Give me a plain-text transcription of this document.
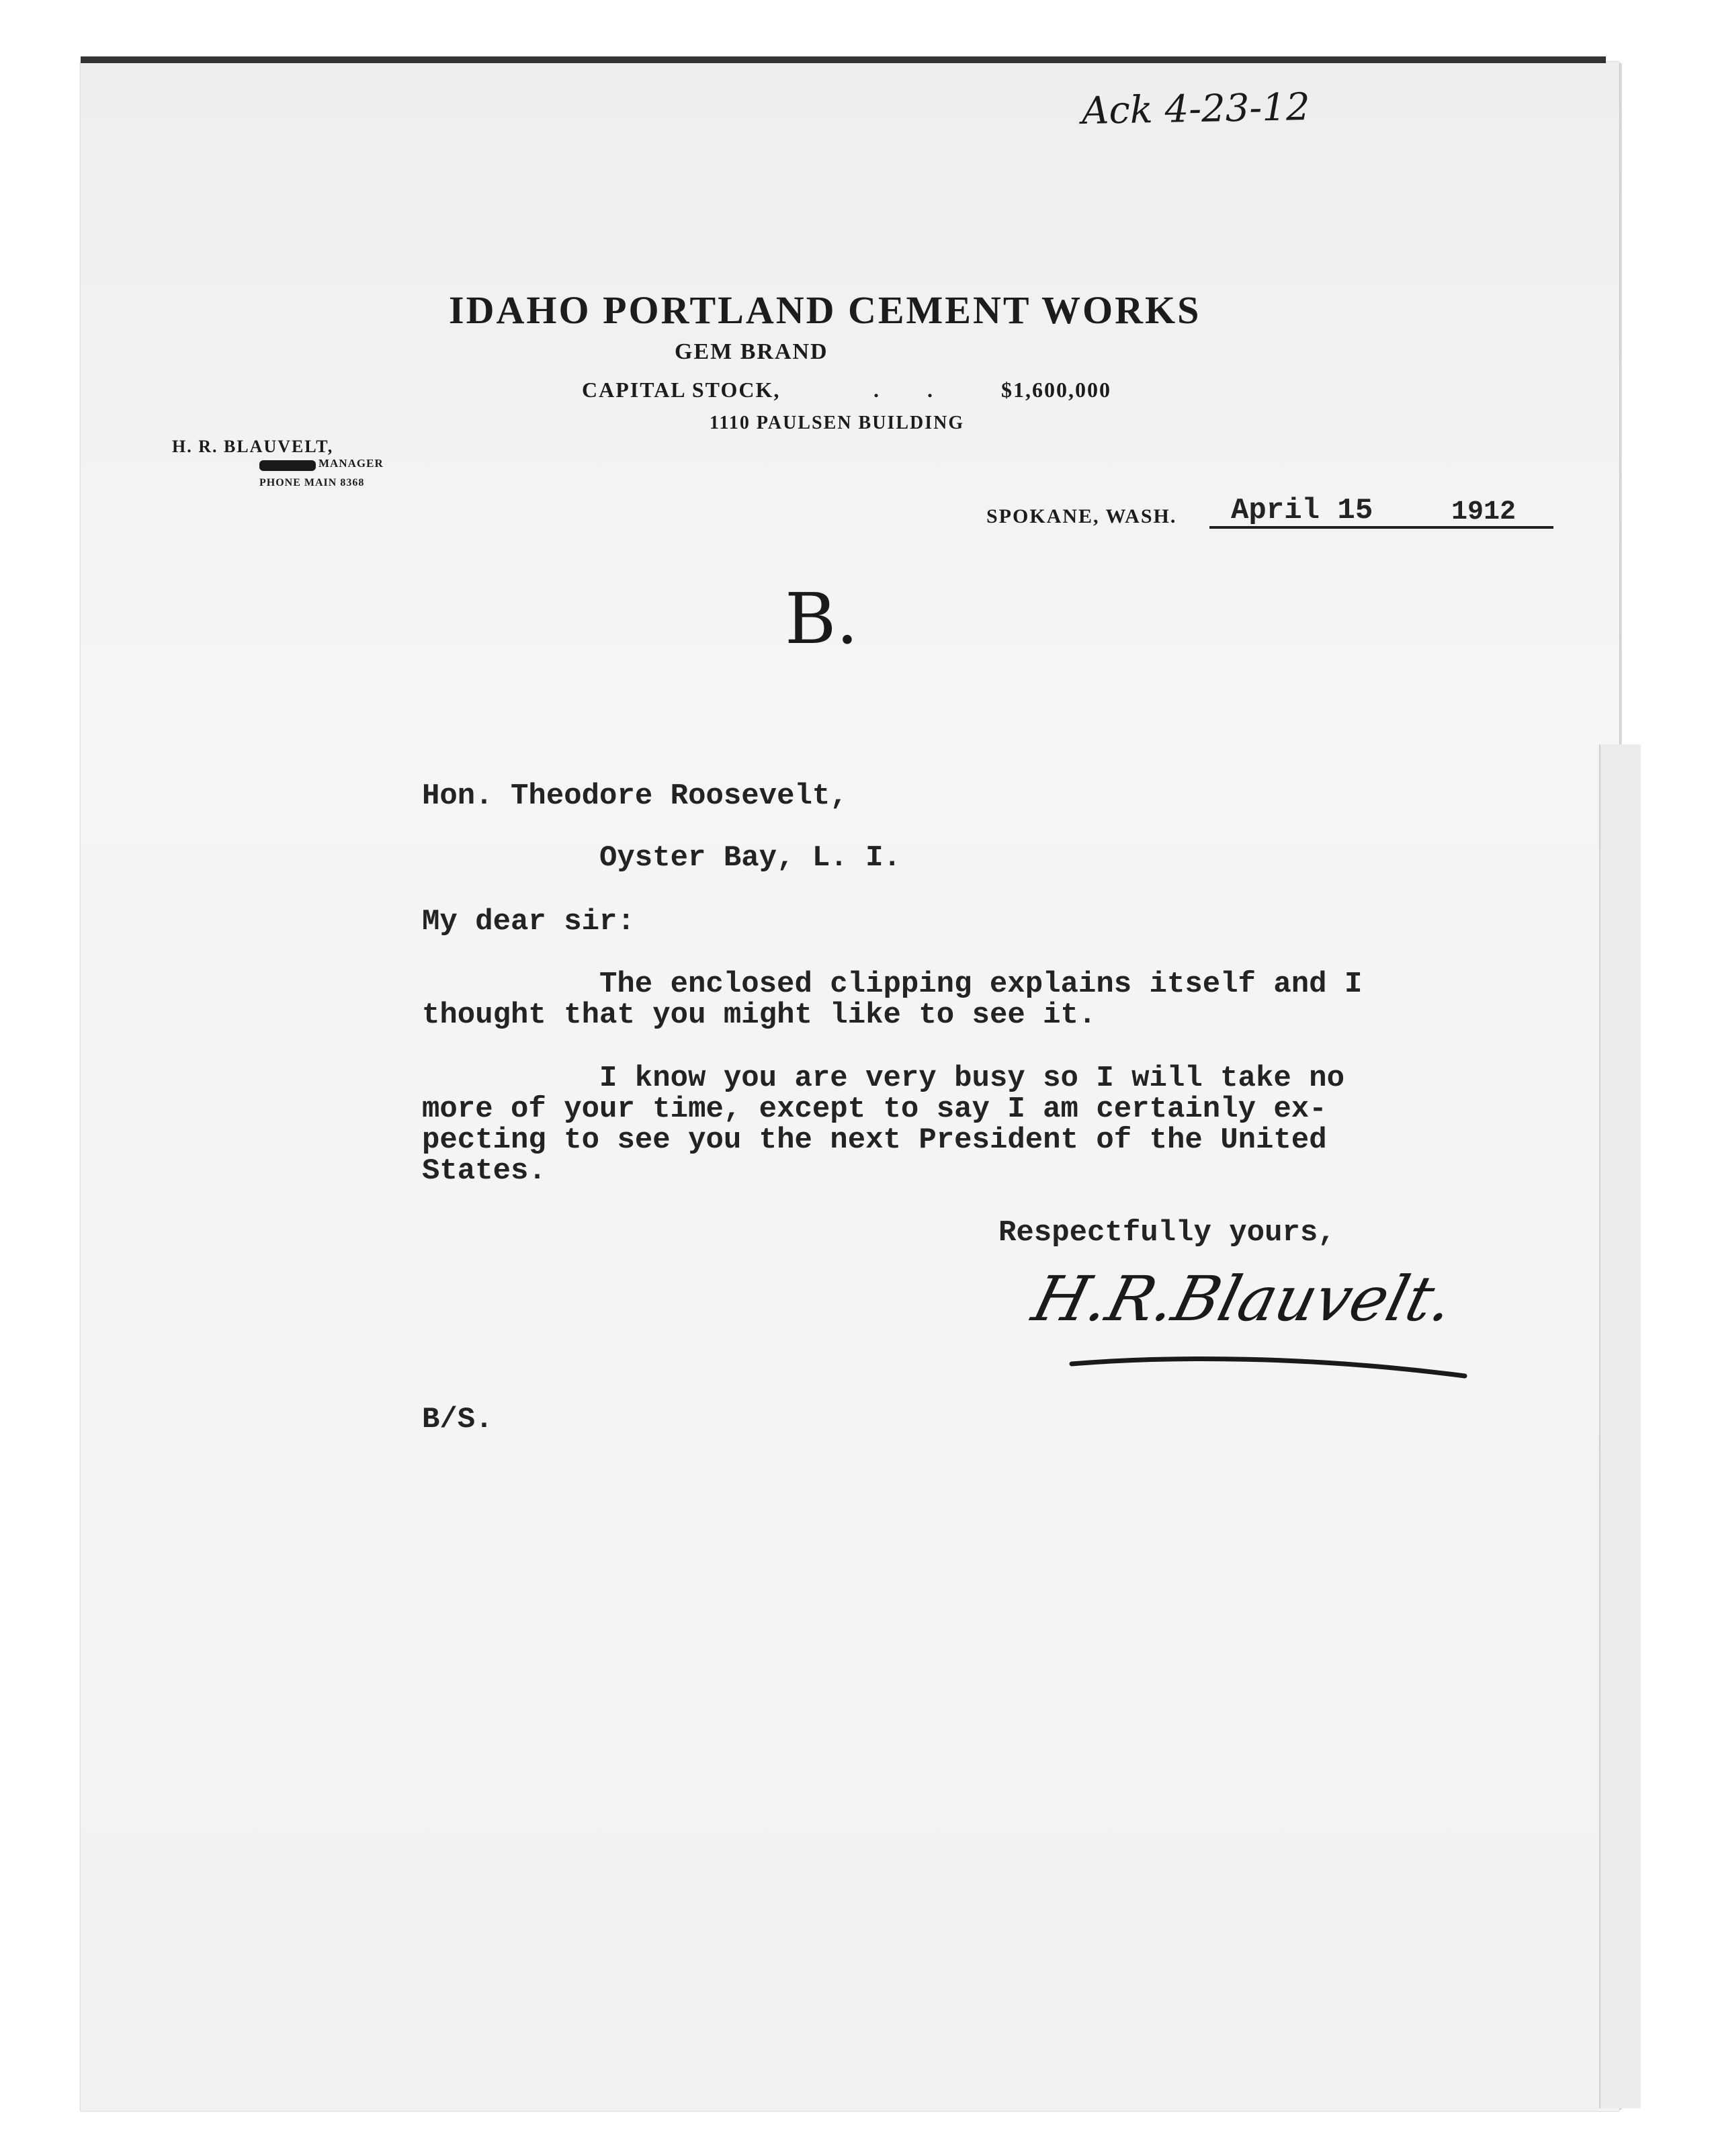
Ack 4-23-12
IDAHO PORTLAND CEMENT WORKS
GEM BRAND
CAPITAL STOCK,	. .	$1,600,000
1110 PAULSEN BUILDING
H. R. BLAUVELT,
MANAGER
PHONE MAIN 8368
SPOKANE, WASH. April 15	1912
B.
Hon. Theodore Roosevelt,
Oyster Bay, L. I.
My dear sir:
The enclosed clipping explains itself and I
thought that you might like to see it.
I know you are very busy so I will take no
more of your time, except to say I am certainly ex-
pecting to see you the next President of the United
States.
Respectfully yours,
H.R.Blauvelt.
B/S.
